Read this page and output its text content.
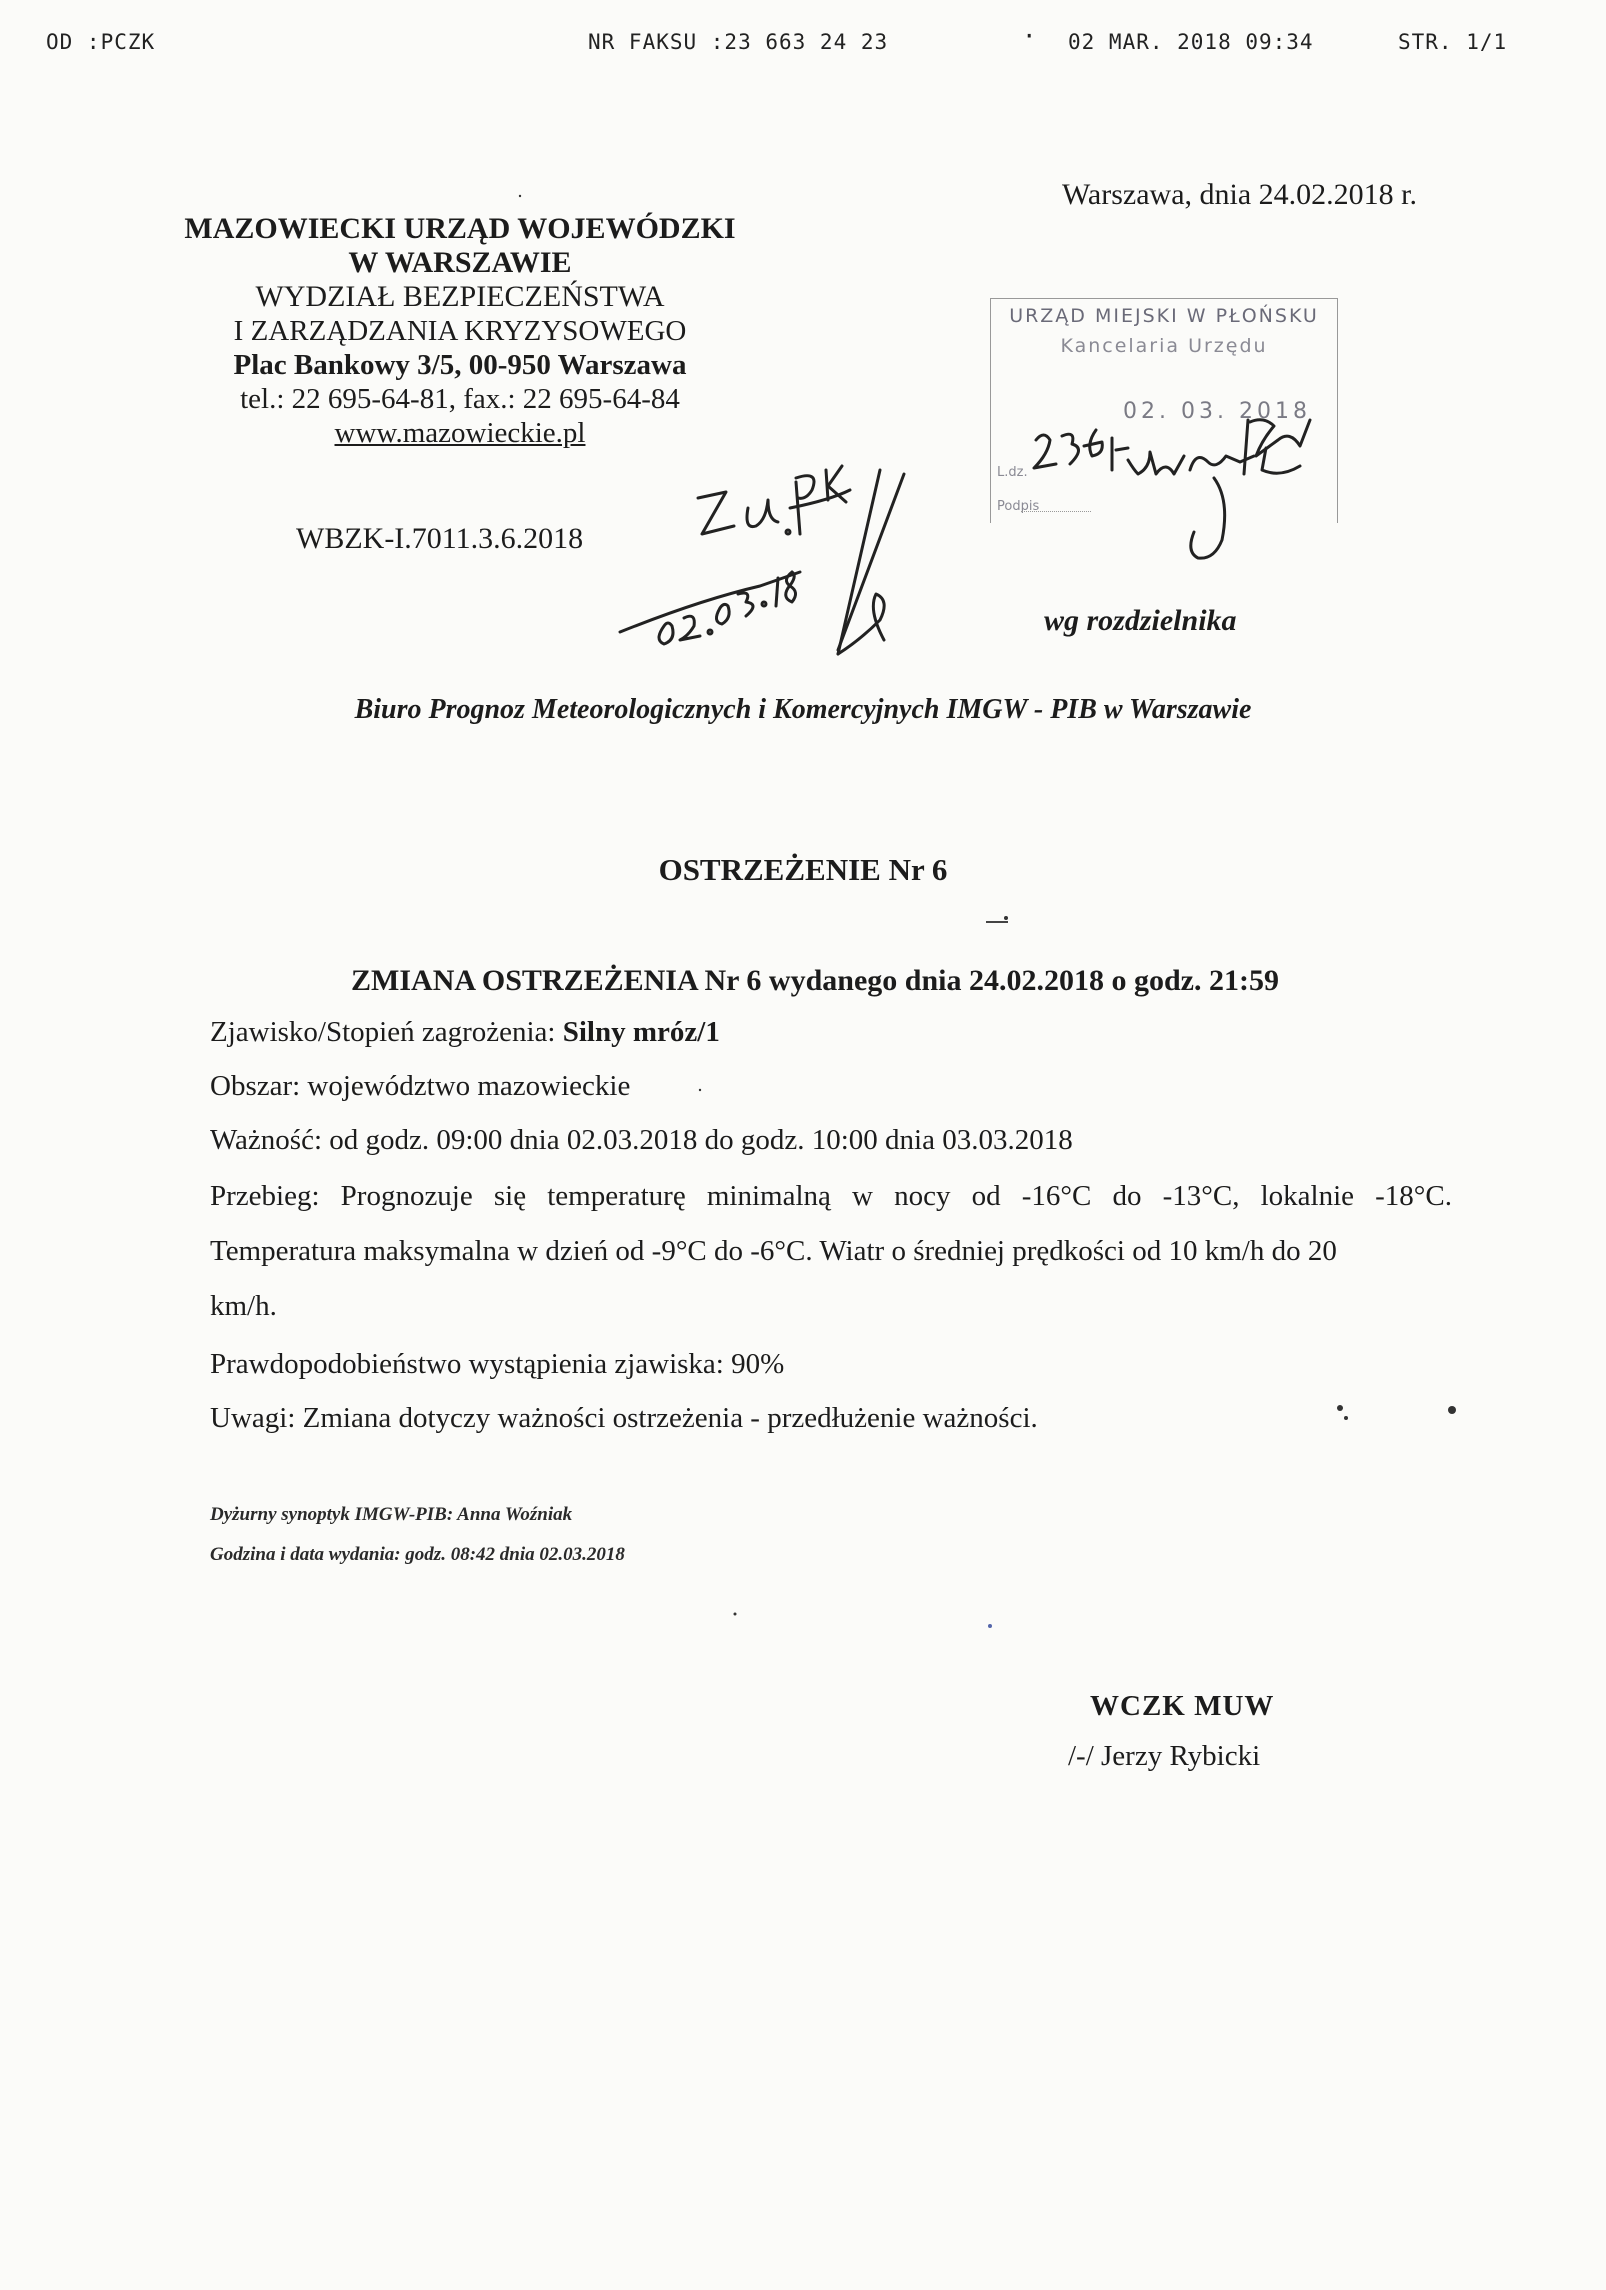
OD :PCZK	NR FAKSU :23 663 24 23	· 02 MAR. 2018 09:34	STR. 1/1
MAZOWIECKI URZĄD WOJEWÓDZKI
W WARSZAWIE
WYDZIAŁ BEZPIECZEŃSTWA
I ZARZĄDZANIA KRYZYSOWEGO
Plac Bankowy 3/5, 00-950 Warszawa
tel.: 22 695-64-81, fax.: 22 695-64-84
www.mazowieckie.pl
Warszawa, dnia 24.02.2018 r.
URZĄD MIEJSKI W PŁOŃSKU
Kancelaria Urzędu
02. 03. 2018
L.dz.
Podpis
WBZK-I.7011.3.6.2018
wg rozdzielnika
Biuro Prognoz Meteorologicznych i Komercyjnych IMGW - PIB w Warszawie
OSTRZEŻENIE Nr 6
ZMIANA OSTRZEŻENIA Nr 6 wydanego dnia 24.02.2018 o godz. 21:59
Zjawisko/Stopień zagrożenia: Silny mróz/1
Obszar: województwo mazowieckie
Ważność: od godz. 09:00 dnia 02.03.2018 do godz. 10:00 dnia 03.03.2018
Przebieg: Prognozuje się temperaturę minimalną w nocy od -16°C do -13°C, lokalnie -18°C.
Temperatura maksymalna w dzień od -9°C do -6°C. Wiatr o średniej prędkości od 10 km/h do 20
km/h.
Prawdopodobieństwo wystąpienia zjawiska: 90%
Uwagi: Zmiana dotyczy ważności ostrzeżenia - przedłużenie ważności.
Dyżurny synoptyk IMGW-PIB: Anna Woźniak
Godzina i data wydania: godz. 08:42 dnia 02.03.2018
WCZK MUW
/-/ Jerzy Rybicki
